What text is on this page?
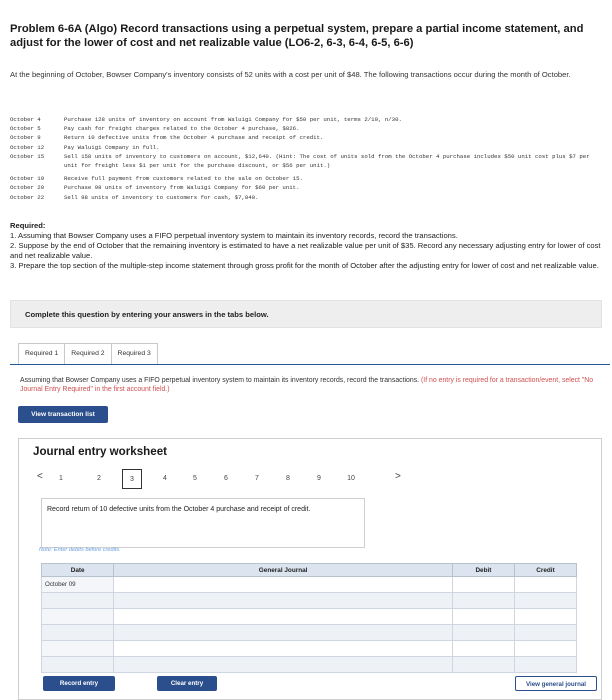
Problem 6-6A (Algo) Record transactions using a perpetual system, prepare a partial income statement, and adjust for the lower of cost and net realizable value (LO6-2, 6-3, 6-4, 6-5, 6-6)
At the beginning of October, Bowser Company's inventory consists of 52 units with a cost per unit of $48. The following transactions occur during the month of October.
October 4	Purchase 128 units of inventory on account from Waluigi Company for $50 per unit, terms 2/10, n/30.
October 5	Pay cash for freight charges related to the October 4 purchase, $826.
October 9	Return 10 defective units from the October 4 purchase and receipt of credit.
October 12	Pay Waluigi Company in full.
October 15	Sell 158 units of inventory to customers on account, $12,640. (Hint: The cost of units sold from the October 4 purchase includes $50 unit cost plus $7 per unit for freight less $1 per unit for the purchase discount, or $56 per unit.)
October 19	Receive full payment from customers related to the sale on October 15.
October 20	Purchase 98 units of inventory from Waluigi Company for $60 per unit.
October 22	Sell 98 units of inventory to customers for cash, $7,840.
Required:
1. Assuming that Bowser Company uses a FIFO perpetual inventory system to maintain its inventory records, record the transactions.
2. Suppose by the end of October that the remaining inventory is estimated to have a net realizable value per unit of $35. Record any necessary adjusting entry for lower of cost and net realizable value.
3. Prepare the top section of the multiple-step income statement through gross profit for the month of October after the adjusting entry for lower of cost and net realizable value.
Complete this question by entering your answers in the tabs below.
Required 1	Required 2	Required 3
Assuming that Bowser Company uses a FIFO perpetual inventory system to maintain its inventory records, record the transactions. (If no entry is required for a transaction/event, select "No Journal Entry Required" in the first account field.)
View transaction list
Journal entry worksheet
<	1	2	3	4	5	6	7	8	9	10	>
Record return of 10 defective units from the October 4 purchase and receipt of credit.
Note: Enter debits before credits.
Date	General Journal	Debit	Credit
October 09			

Record entry	Clear entry	View general journal
